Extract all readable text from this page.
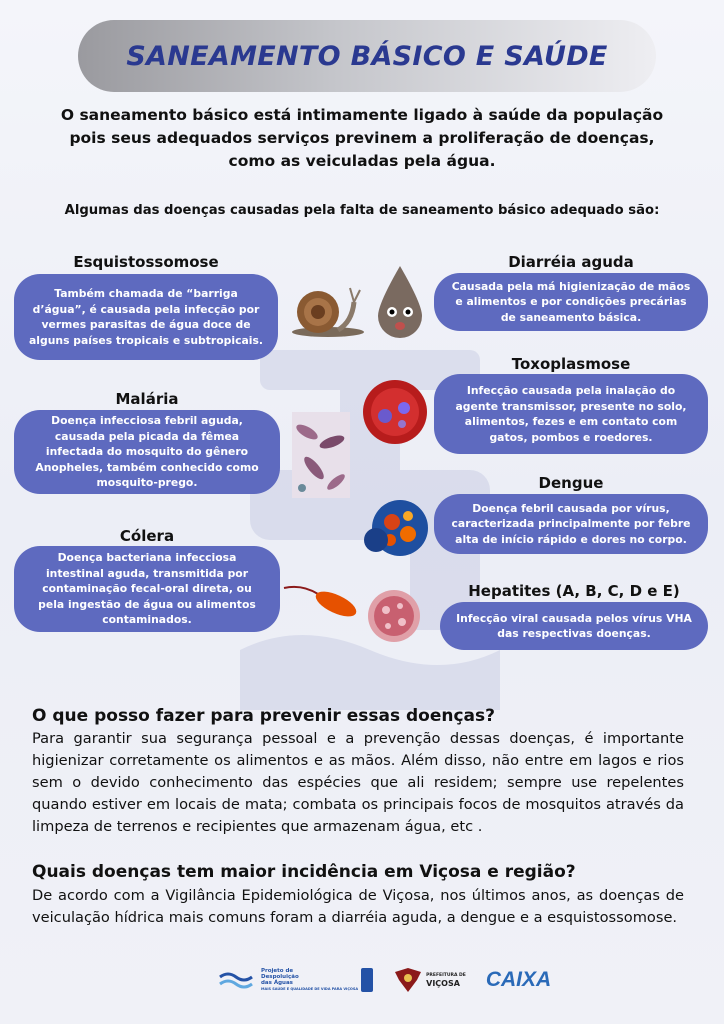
SANEAMENTO BÁSICO E SAÚDE
O saneamento básico está intimamente ligado à saúde da população
pois seus adequados serviços previnem a proliferação de doenças,
como as veiculadas pela água.
Algumas das doenças causadas pela falta de saneamento básico adequado são:
Esquistossomose
Também chamada de “barriga d’água”, é causada pela infecção por vermes parasitas de água doce de alguns países tropicais e subtropicais.
Diarréia aguda
Causada pela má higienização de mãos e alimentos e por condições precárias de saneamento básica.
Toxoplasmose
Infecção causada pela inalação do agente transmissor, presente no solo, alimentos, fezes e em contato com gatos, pombos e roedores.
Malária
Doença infecciosa febril aguda, causada pela picada da fêmea infectada do mosquito do gênero Anopheles, também conhecido como mosquito-prego.	Dengue
Doença febril causada por vírus, caracterizada principalmente por febre alta de início rápido e dores no corpo.
Cólera
Doença bacteriana infecciosa intestinal aguda, transmitida por contaminação fecal-oral direta, ou pela ingestão de água ou alimentos contaminados.
Hepatites (A, B, C, D e E)
Infecção viral causada pelos vírus VHA das respectivas doenças.
O que posso fazer para prevenir essas doenças?

Para garantir sua segurança pessoal e a prevenção dessas doenças, é importante higienizar corretamente os alimentos e as mãos. Além disso, não entre em lagos e rios sem o devido conhecimento das espécies que ali residem; sempre use repelentes quando estiver em locais de mata; combata os principais focos de mosquitos através da limpeza de terrenos e recipientes que armazenam água, etc .

Quais doenças tem maior incidência em Viçosa e região?

De acordo com a Vigilância Epidemiológica de Viçosa, nos últimos anos, as doenças de veiculação hídrica mais comuns foram a diarréia aguda, a dengue e a esquistossomose.

Projeto de
Despoluição
das Águas
MAIS SAÚDE E QUALIDADE DE VIDA PARA VIÇOSA
PREFEITURA DE
VIÇOSA CAIXA
